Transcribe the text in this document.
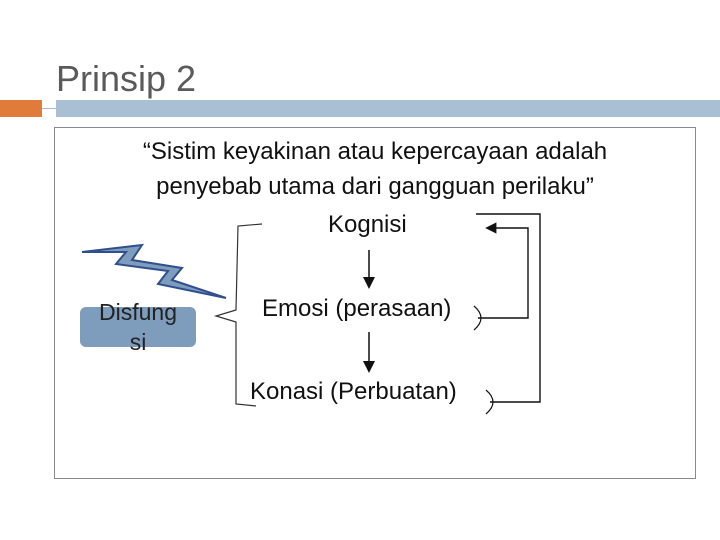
Prinsip 2
“Sistim keyakinan atau kepercayaan adalah
penyebab utama dari gangguan perilaku”
Disfung
si
Kognisi
Emosi (perasaan)
Konasi (Perbuatan)
